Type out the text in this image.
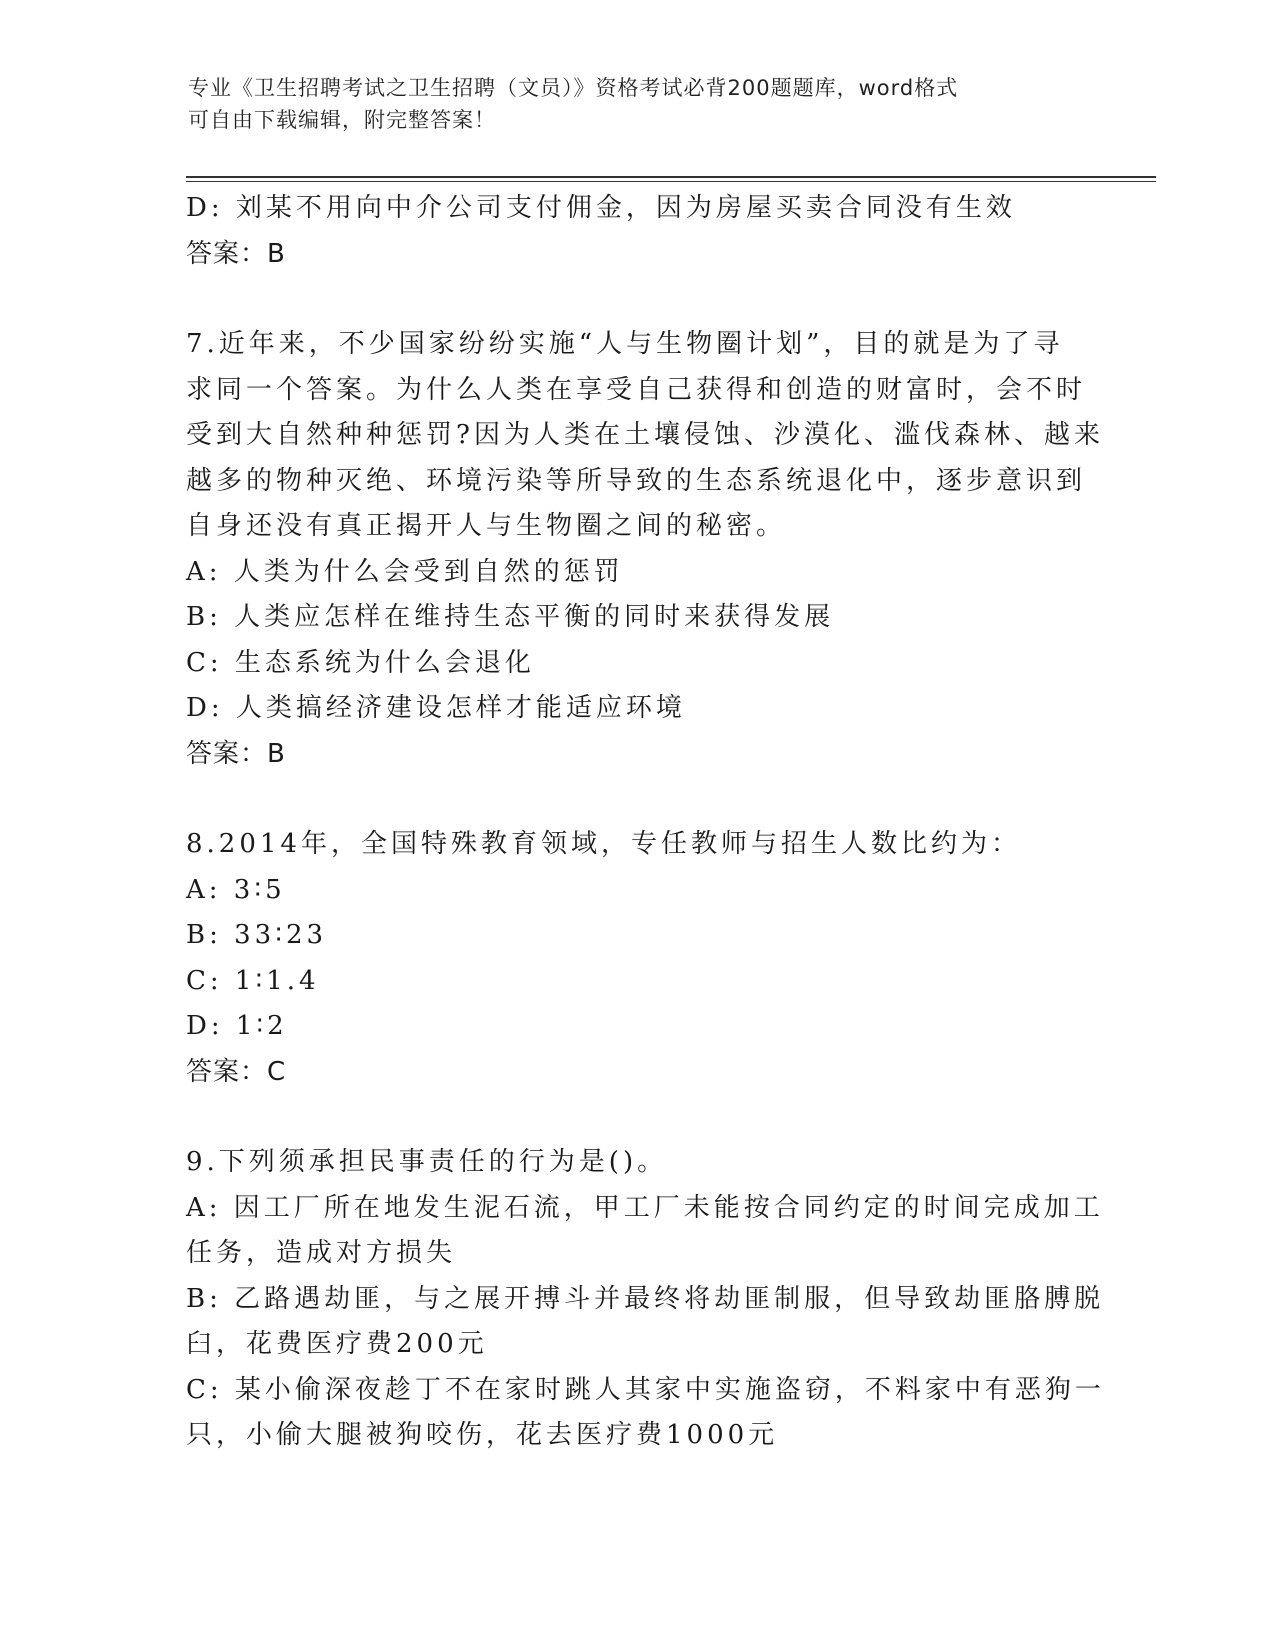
专业《卫生招聘考试之卫生招聘（文员）》资格考试必背200题题库，word格式
可自由下载编辑，附完整答案！
D: 刘某不用向中介公司支付佣金，因为房屋买卖合同没有生效
答案：B
7.近年来，不少国家纷纷实施“人与生物圈计划”，目的就是为了寻
求同一个答案。为什么人类在享受自己获得和创造的财富时，会不时
受到大自然种种惩罚?因为人类在土壤侵蚀、沙漠化、滥伐森林、越来
越多的物种灭绝、环境污染等所导致的生态系统退化中，逐步意识到
自身还没有真正揭开人与生物圈之间的秘密。
A: 人类为什么会受到自然的惩罚
B: 人类应怎样在维持生态平衡的同时来获得发展
C: 生态系统为什么会退化
D: 人类搞经济建设怎样才能适应环境
答案：B
8.2014年，全国特殊教育领域，专任教师与招生人数比约为：
A: 3∶5
B: 33∶23
C: 1∶1.4
D: 1∶2
答案：C
9.下列须承担民事责任的行为是()。
A: 因工厂所在地发生泥石流，甲工厂未能按合同约定的时间完成加工
任务，造成对方损失
B: 乙路遇劫匪，与之展开搏斗并最终将劫匪制服，但导致劫匪胳膊脱
臼，花费医疗费200元
C: 某小偷深夜趁丁不在家时跳人其家中实施盗窃，不料家中有恶狗一
只，小偷大腿被狗咬伤，花去医疗费1000元
